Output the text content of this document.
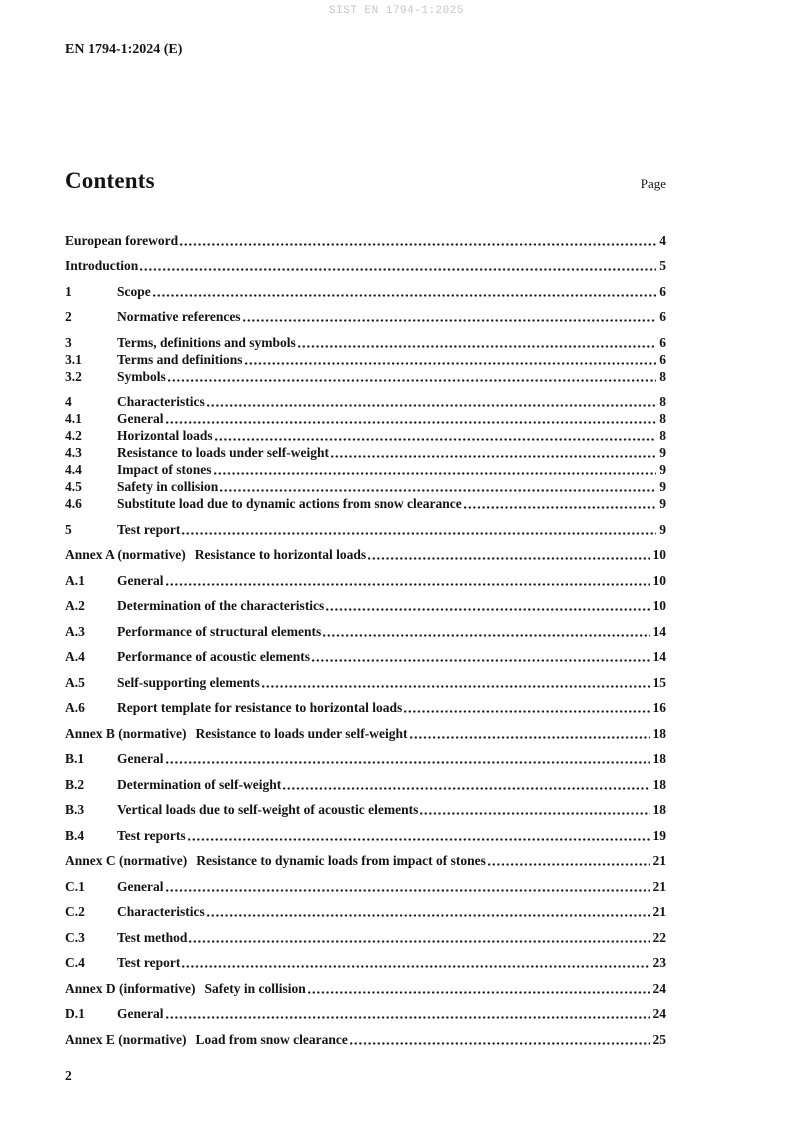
SIST EN 1794-1:2025
EN 1794-1:2024 (E)
Contents	Page
European foreword	4
Introduction	5
1	Scope	6
2	Normative references	6
3	Terms, definitions and symbols	6
3.1	Terms and definitions	6
3.2	Symbols	8
4	Characteristics	8
4.1	General	8
4.2	Horizontal loads	8
4.3	Resistance to loads under self-weight	9
4.4	Impact of stones	9
4.5	Safety in collision	9
4.6	Substitute load due to dynamic actions from snow clearance	9
5	Test report	9
Annex A (normative) Resistance to horizontal loads	10
A.1	General	10
A.2	Determination of the characteristics	10
A.3	Performance of structural elements	14
A.4	Performance of acoustic elements	14
A.5	Self-supporting elements	15
A.6	Report template for resistance to horizontal loads	16
Annex B (normative) Resistance to loads under self-weight	18
B.1	General	18
B.2	Determination of self-weight	18
B.3	Vertical loads due to self-weight of acoustic elements	18
B.4	Test reports	19
Annex C (normative) Resistance to dynamic loads from impact of stones	21
C.1	General	21
C.2	Characteristics	21
C.3	Test method	22
C.4	Test report	23
Annex D (informative) Safety in collision	24
D.1	General	24
Annex E (normative) Load from snow clearance	25
2
